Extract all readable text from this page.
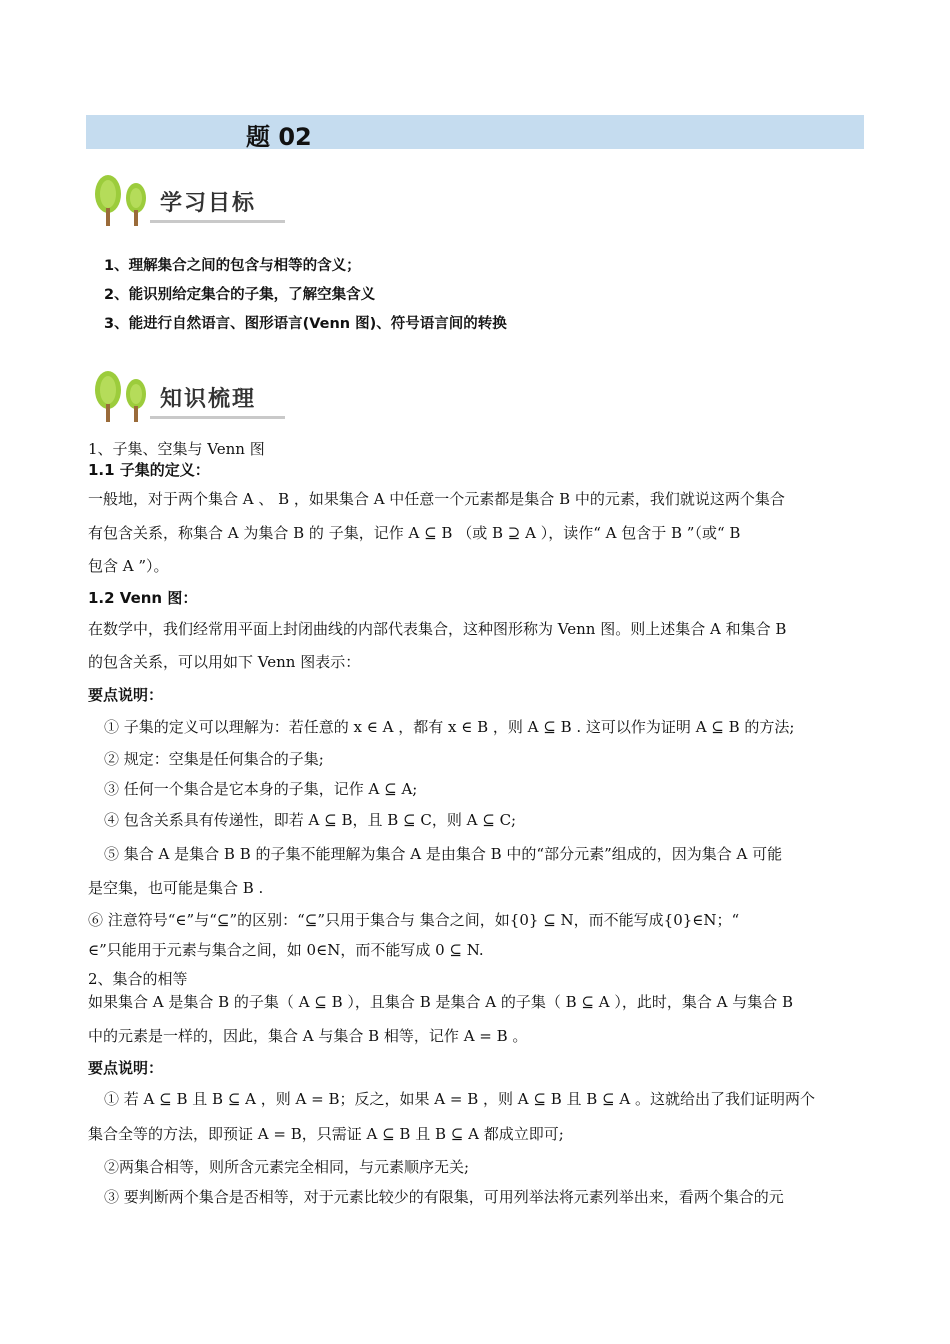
题 02
学习目标
1、理解集合之间的包含与相等的含义；
2、能识别给定集合的子集，了解空集含义
3、能进行自然语言、图形语言(Venn 图)、符号语言间的转换
知识梳理
1、子集、空集与 Venn 图
1.1 子集的定义：
一般地，对于两个集合 A 、 B ，如果集合 A 中任意一个元素都是集合 B 中的元素，我们就说这两个集合
有包含关系，称集合 A 为集合 B 的 子集，记作 A ⊆ B （或 B ⊇ A ），读作“ A 包含于 B ”（或“ B
包含 A ”）。
1.2 Venn 图：
在数学中，我们经常用平面上封闭曲线的内部代表集合，这种图形称为 Venn 图。则上述集合 A 和集合 B
的包含关系，可以用如下 Venn 图表示：
要点说明：
① 子集的定义可以理解为：若任意的 x ∈ A ，都有 x ∈ B ，则 A ⊆ B . 这可以作为证明 A ⊆ B 的方法;
② 规定：空集是任何集合的子集;
③ 任何一个集合是它本身的子集，记作 A ⊆ A;
④ 包含关系具有传递性，即若 A ⊆ B，且 B ⊆ C，则 A ⊆ C;
⑤ 集合 A 是集合 B B 的子集不能理解为集合 A 是由集合 B 中的“部分元素”组成的，因为集合 A 可能
是空集，也可能是集合 B .
⑥ 注意符号“∈”与“⊆”的区别：“⊆”只用于集合与 集合之间，如{0} ⊆ N，而不能写成{0}∈N；“
∈”只能用于元素与集合之间，如 0∈N，而不能写成 0 ⊆ N.
2、集合的相等
如果集合 A 是集合 B 的子集（ A ⊆ B ），且集合 B 是集合 A 的子集（ B ⊆ A ），此时，集合 A 与集合 B
中的元素是一样的，因此，集合 A 与集合 B 相等，记作 A = B 。
要点说明：
① 若 A ⊆ B 且 B ⊆ A ，则 A = B；反之，如果 A = B ，则 A ⊆ B 且 B ⊆ A 。这就给出了我们证明两个
集合全等的方法，即预证 A = B，只需证 A ⊆ B 且 B ⊆ A 都成立即可;
②两集合相等，则所含元素完全相同，与元素顺序无关;
③ 要判断两个集合是否相等，对于元素比较少的有限集，可用列举法将元素列举出来，看两个集合的元
